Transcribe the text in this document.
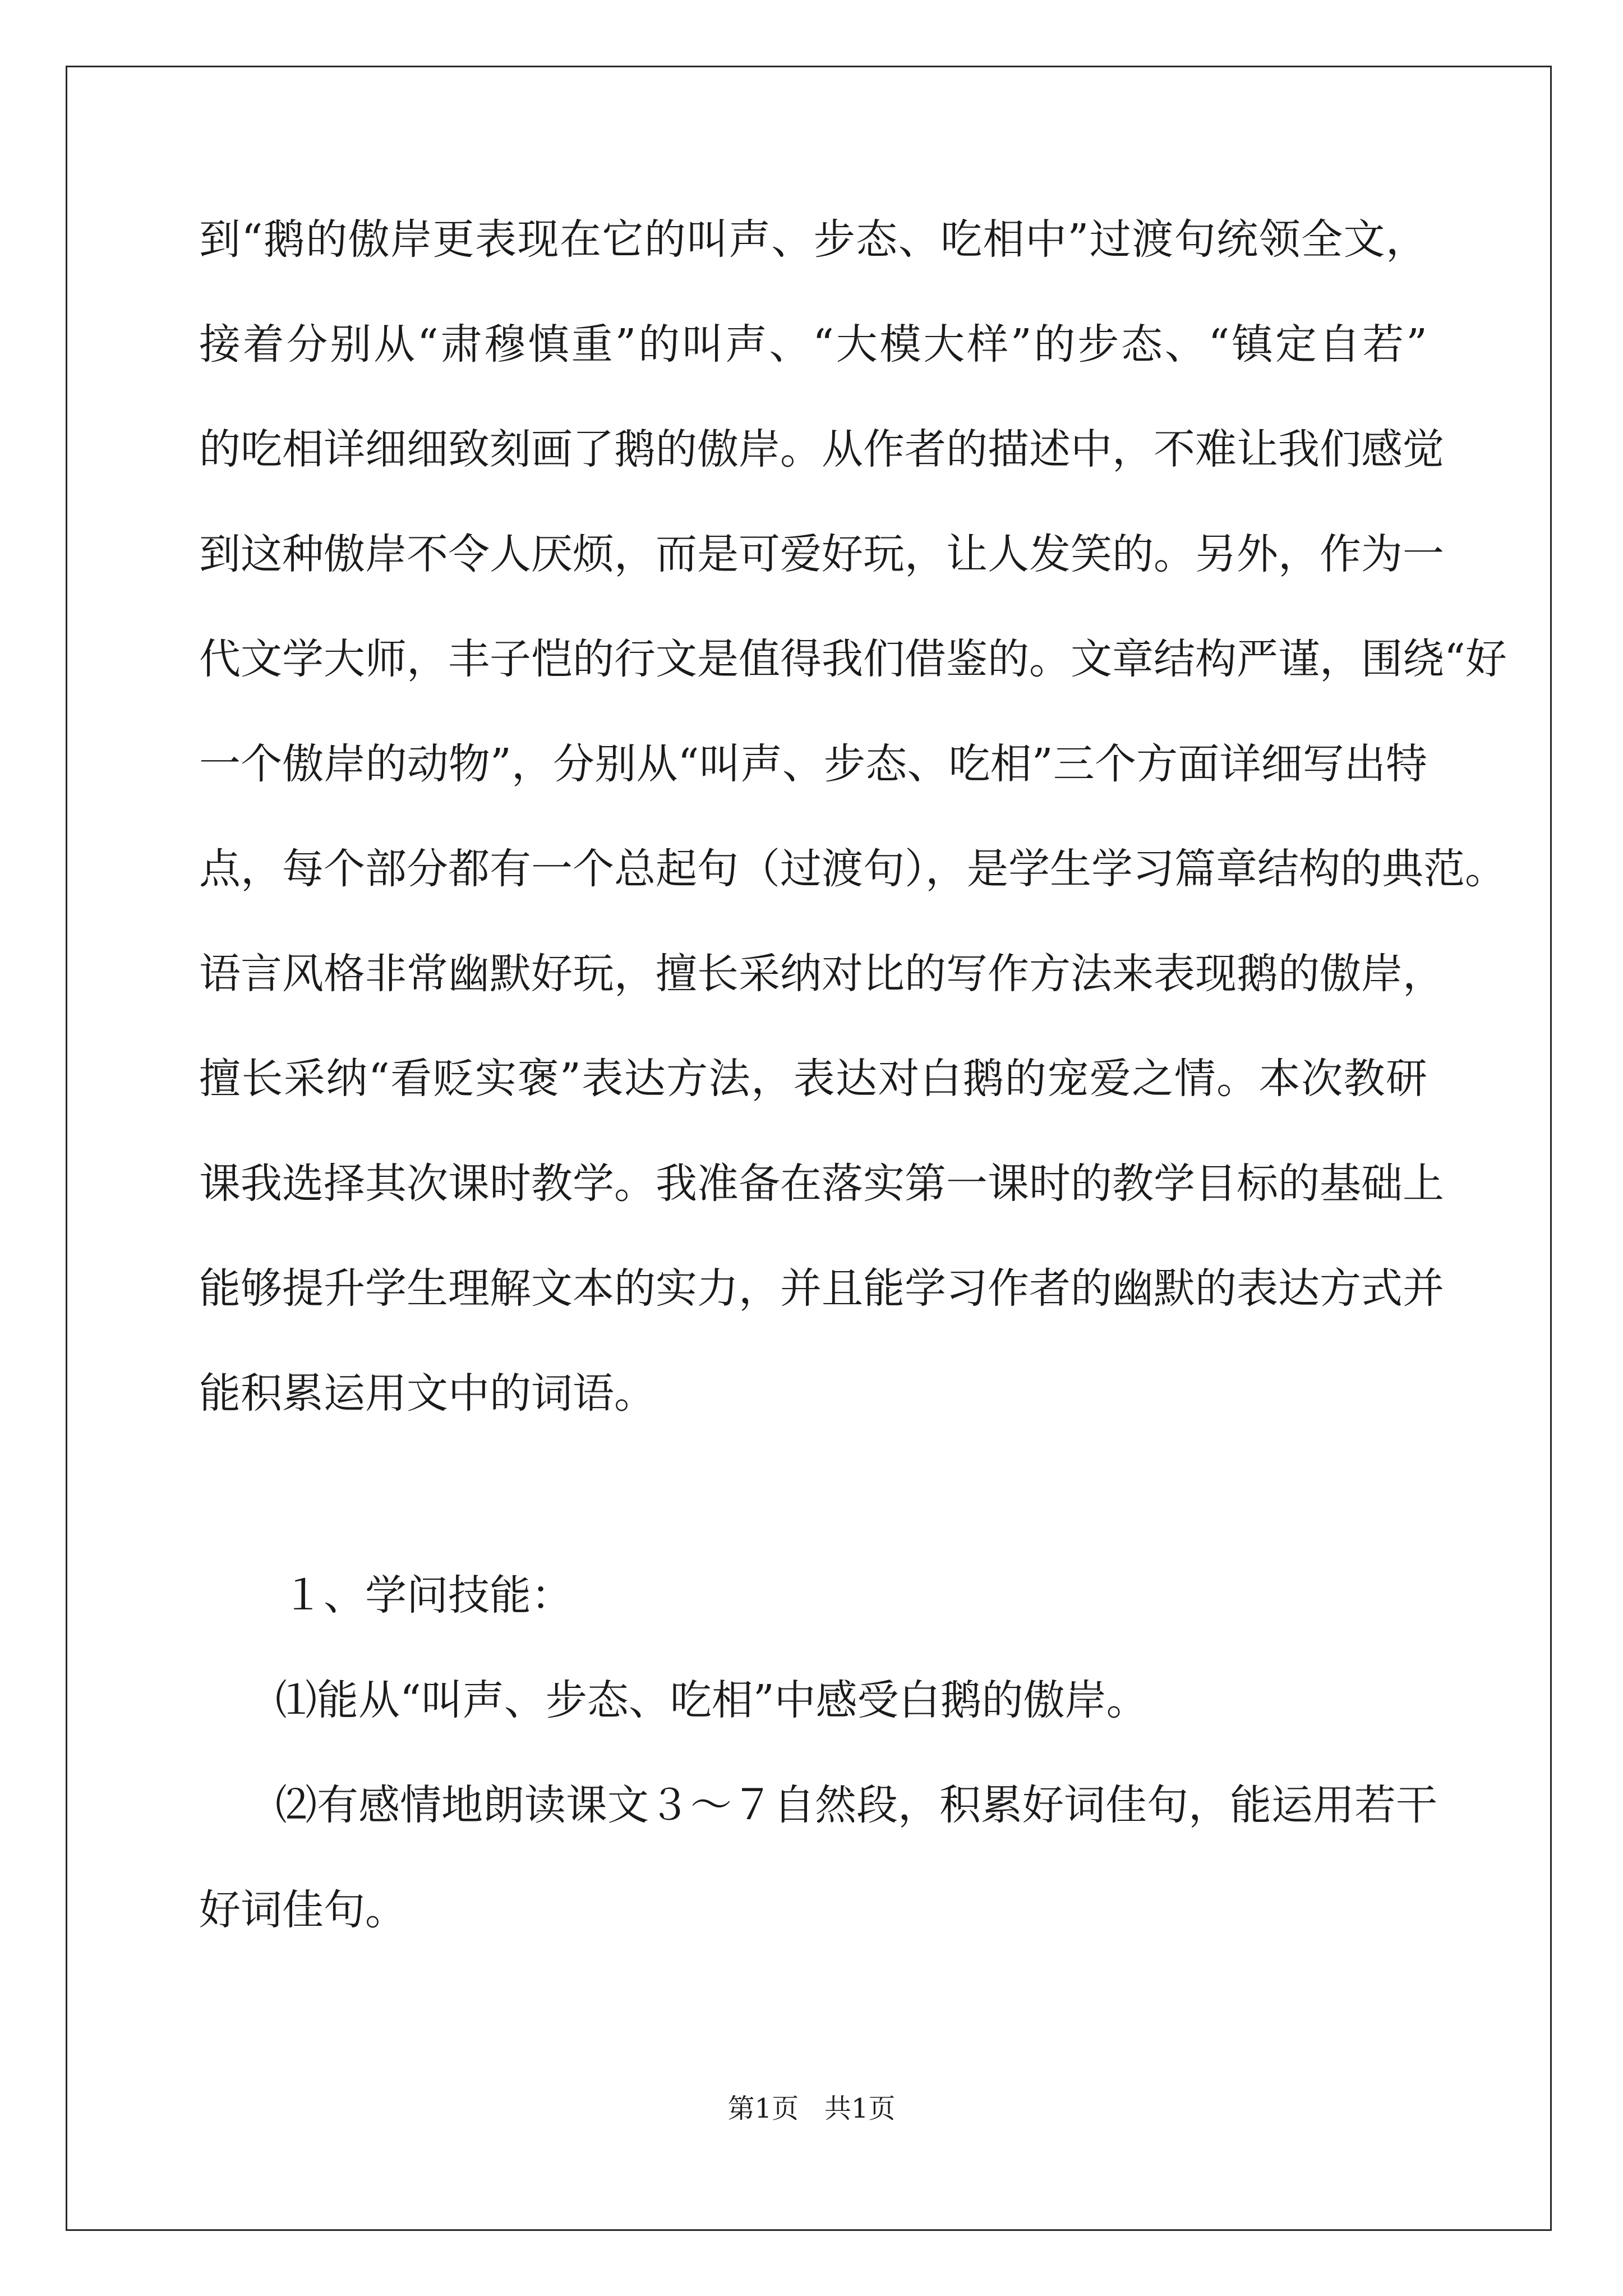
到“鹅的傲岸更表现在它的叫声、步态、吃相中”过渡句统领全文，
接着分别从“肃穆慎重”的叫声、“大模大样”的步态、“镇定自若”
的吃相详细细致刻画了鹅的傲岸。从作者的描述中，不难让我们感觉
到这种傲岸不令人厌烦，而是可爱好玩，让人发笑的。另外，作为一
代文学大师，丰子恺的行文是值得我们借鉴的。文章结构严谨，围绕“好
一个傲岸的动物”，分别从“叫声、步态、吃相”三个方面详细写出特
点，每个部分都有一个总起句（过渡句），是学生学习篇章结构的典范。
语言风格非常幽默好玩，擅长采纳对比的写作方法来表现鹅的傲岸，
擅长采纳“看贬实褒”表达方法，表达对白鹅的宠爱之情。本次教研
课我选择其次课时教学。我准备在落实第一课时的教学目标的基础上
能够提升学生理解文本的实力，并且能学习作者的幽默的表达方式并
能积累运用文中的词语。
１、学问技能：
⑴能从“叫声、步态、吃相”中感受白鹅的傲岸。
⑵有感情地朗读课文３～７自然段，积累好词佳句，能运用若干
好词佳句。
第1页   共1页
